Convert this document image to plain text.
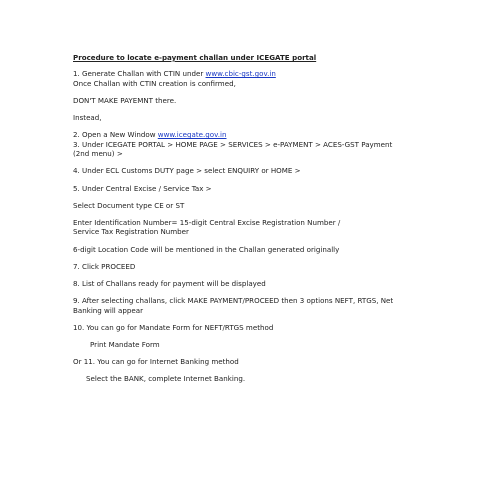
Procedure to locate e-payment challan under ICEGATE portal
1. Generate Challan with CTIN under www.cbic-gst.gov.in
Once Challan with CTIN creation is confirmed,
DON'T MAKE PAYEMNT there.
Instead,
2. Open a New Window www.icegate.gov.in
3. Under ICEGATE PORTAL > HOME PAGE > SERVICES > e-PAYMENT > ACES-GST Payment
(2nd menu) >
4. Under ECL Customs DUTY page > select ENQUIRY or HOME >
5. Under Central Excise / Service Tax >
Select Document type CE or ST
Enter Identification Number= 15-digit Central Excise Registration Number /
Service Tax Registration Number
6-digit Location Code will be mentioned in the Challan generated originally
7. Click PROCEED
8. List of Challans ready for payment will be displayed
9. After selecting challans, click MAKE PAYMENT/PROCEED then 3 options NEFT, RTGS, Net
Banking will appear
10. You can go for Mandate Form for NEFT/RTGS method
Print Mandate Form
Or 11. You can go for Internet Banking method
Select the BANK, complete Internet Banking.
